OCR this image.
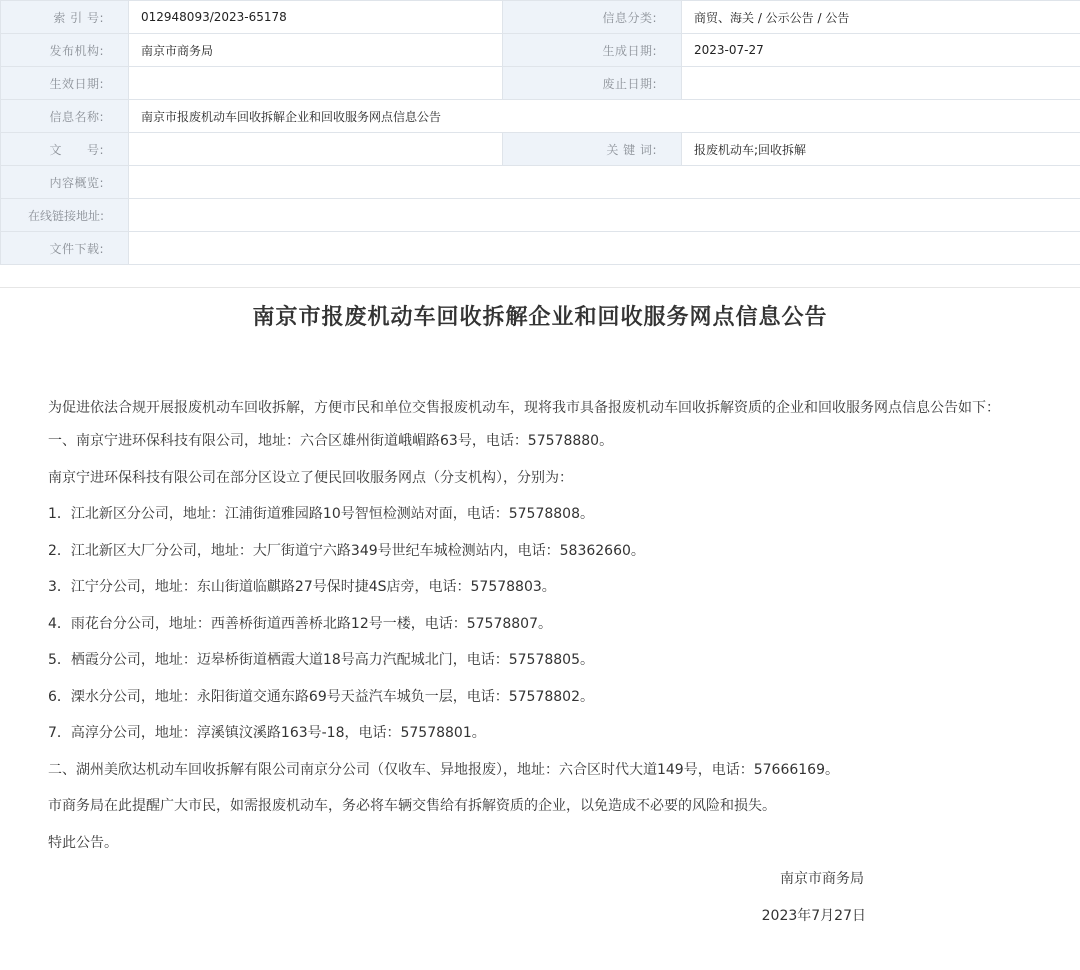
索 引 号:	012948093/2023-65178	信息分类:	商贸、海关 / 公示公告 / 公告
发布机构:	南京市商务局	生成日期:	2023-07-27
生效日期:		废止日期:	
信息名称:	南京市报废机动车回收拆解企业和回收服务网点信息公告		
文　　号:		关 键 词:	报废机动车;回收拆解
内容概览:			
在线链接地址:			
文件下载:			
南京市报废机动车回收拆解企业和回收服务网点信息公告

为促进依法合规开展报废机动车回收拆解，方便市民和单位交售报废机动车，现将我市具备报废机动车回收拆解资质的企业和回收服务网点信息公告如下：

一、南京宁进环保科技有限公司，地址：六合区雄州街道峨嵋路63号，电话：57578880。

南京宁进环保科技有限公司在部分区设立了便民回收服务网点（分支机构），分别为：

1．江北新区分公司，地址：江浦街道雅园路10号智恒检测站对面，电话：57578808。

2．江北新区大厂分公司，地址：大厂街道宁六路349号世纪车城检测站内，电话：58362660。

3．江宁分公司，地址：东山街道临麒路27号保时捷4S店旁，电话：57578803。

4．雨花台分公司，地址：西善桥街道西善桥北路12号一楼，电话：57578807。

5．栖霞分公司，地址：迈皋桥街道栖霞大道18号高力汽配城北门，电话：57578805。

6．溧水分公司，地址：永阳街道交通东路69号天益汽车城负一层，电话：57578802。

7．高淳分公司，地址：淳溪镇汶溪路163号-18，电话：57578801。

二、湖州美欣达机动车回收拆解有限公司南京分公司（仅收车、异地报废），地址：六合区时代大道149号，电话：57666169。

市商务局在此提醒广大市民，如需报废机动车，务必将车辆交售给有拆解资质的企业，以免造成不必要的风险和损失。

特此公告。

南京市商务局

2023年7月27日
